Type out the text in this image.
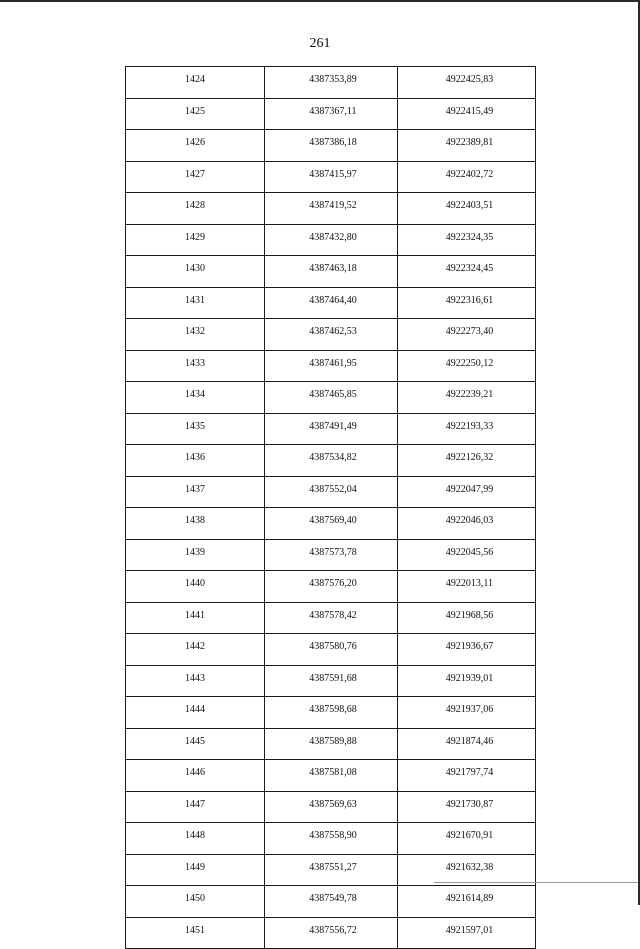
261
1424	4387353,89	4922425,83
1425	4387367,11	4922415,49
1426	4387386,18	4922389,81
1427	4387415,97	4922402,72
1428	4387419,52	4922403,51
1429	4387432,80	4922324,35
1430	4387463,18	4922324,45
1431	4387464,40	4922316,61
1432	4387462,53	4922273,40
1433	4387461,95	4922250,12
1434	4387465,85	4922239,21
1435	4387491,49	4922193,33
1436	4387534,82	4922126,32
1437	4387552,04	4922047,99
1438	4387569,40	4922046,03
1439	4387573,78	4922045,56
1440	4387576,20	4922013,11
1441	4387578,42	4921968,56
1442	4387580,76	4921936,67
1443	4387591,68	4921939,01
1444	4387598,68	4921937,06
1445	4387589,88	4921874,46
1446	4387581,08	4921797,74
1447	4387569,63	4921730,87
1448	4387558,90	4921670,91
1449	4387551,27	4921632,38
1450	4387549,78	4921614,89
1451	4387556,72	4921597,01
